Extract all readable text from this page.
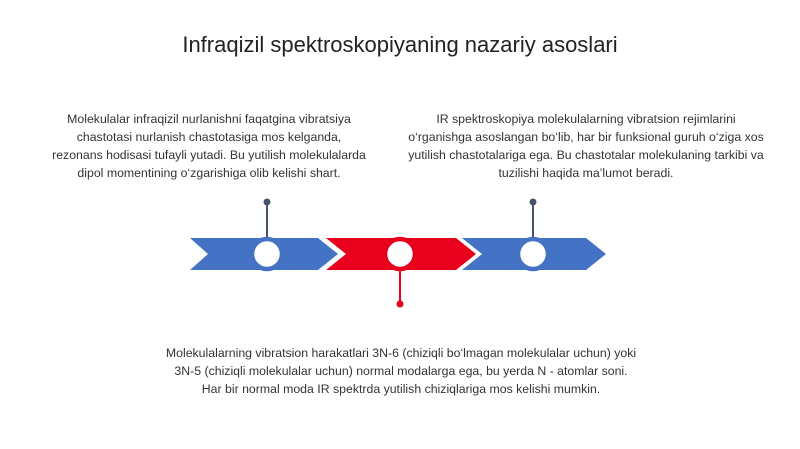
Infraqizil spektroskopiyaning nazariy asoslari
Molekulalar infraqizil nurlanishni faqatgina vibratsiya chastotasi nurlanish chastotasiga mos kelganda, rezonans hodisasi tufayli yutadi. Bu yutilish molekulalarda dipol momentining o‘zgarishiga olib kelishi shart.
IR spektroskopiya molekulalarning vibratsion rejimlarini o‘rganishga asoslangan bo‘lib, har bir funksional guruh o‘ziga xos yutilish chastotalariga ega. Bu chastotalar molekulaning tarkibi va tuzilishi haqida ma’lumot beradi.
Molekulalarning vibratsion harakatlari 3N-6 (chiziqli bo‘lmagan molekulalar uchun) yoki 3N-5 (chiziqli molekulalar uchun) normal modalarga ega, bu yerda N - atomlar soni. Har bir normal moda IR spektrda yutilish chiziqlariga mos kelishi mumkin.
